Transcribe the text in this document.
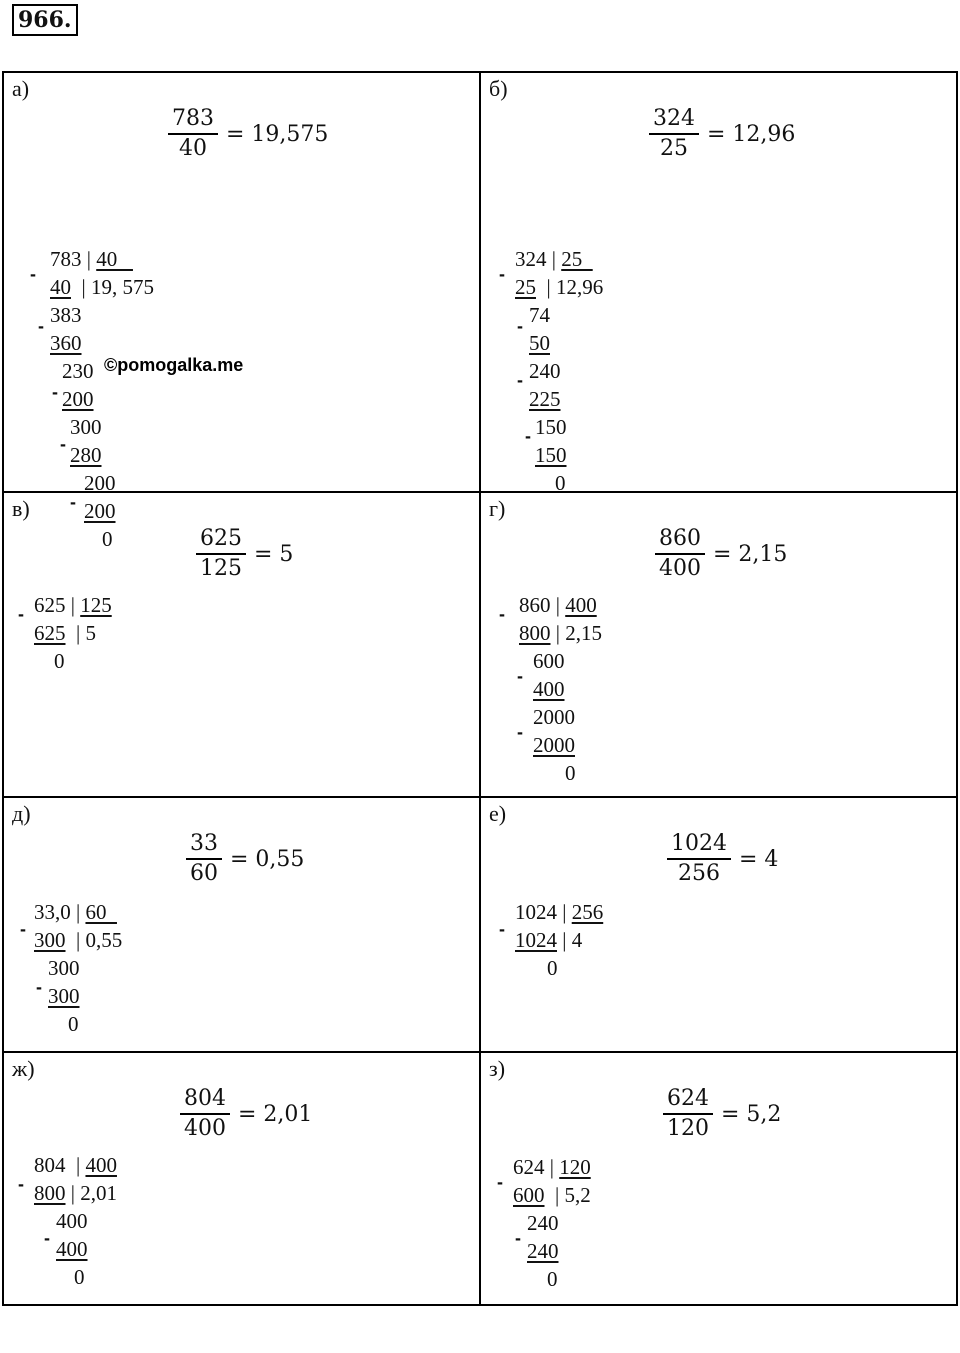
966.
а)
$\frac{783}{40} = 19,575$
783 | 40
40  | 19, 575
383
360
230
200
300
280
200
200
0
-
-
-
-
-
©pomogalka.me
б)
$\frac{324}{25} = 12,96$
324 | 25
25  | 12,96
74
50
240
225
150
150
0
-
-
-
-
в)
$\frac{625}{125} = 5$
625 | 125
625  | 5
0
-
г)
$\frac{860}{400} = 2,15$
860 | 400
800 | 2,15
600
400
2000
2000
0
-
-
-
д)
$\frac{33}{60} = 0,55$
33,0 | 60
300  | 0,55
300
300
0
-
-
е)
$\frac{1024}{256} = 4$
1024 | 256
1024 | 4
0
-
ж)
$\frac{804}{400} = 2,01$
804  | 400
800 | 2,01
400
400
0
-
-
з)
$\frac{624}{120} = 5,2$
624 | 120
600  | 5,2
240
240
0
-
-
